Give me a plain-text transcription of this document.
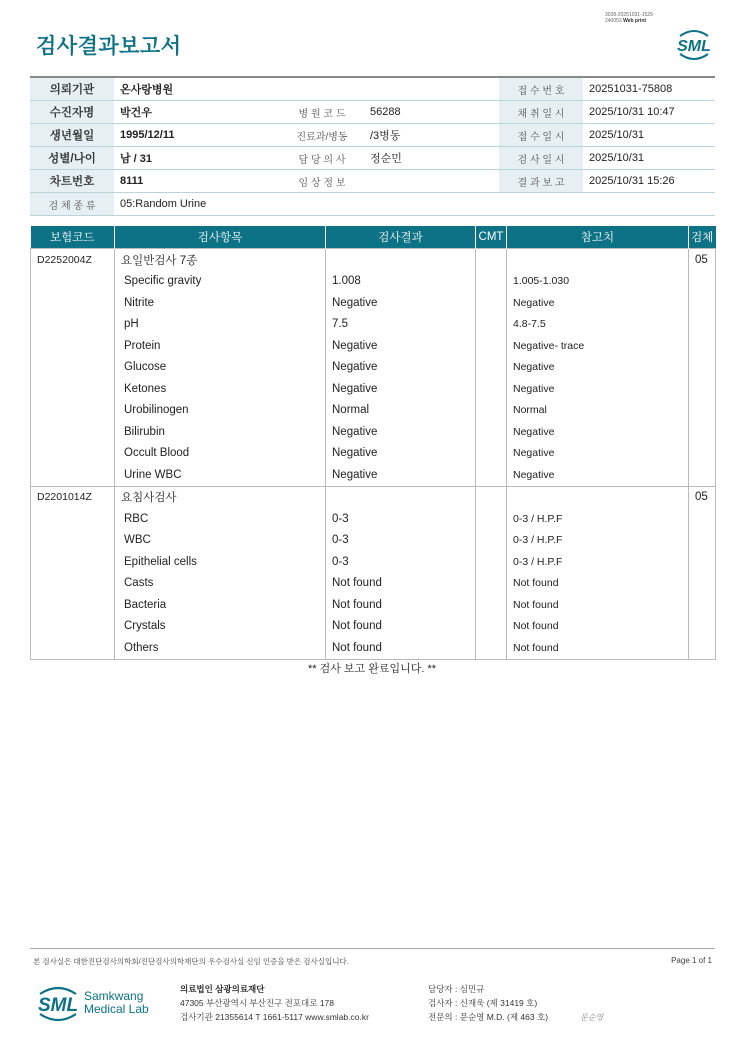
검사결과보고서
3038-20251031-1529
240053 Web print
SML
의뢰기관	온사랑병원			접 수 번 호	20251031-75808
수진자명	박건우	병 원 코 드	56288	채 취 일 시	2025/10/31 10:47
생년월일	1995/12/11	진료과/병동	/3병동	접 수 일 시	2025/10/31
성별/나이	남 / 31	담 당 의 사	정순민	검 사 일 시	2025/10/31
차트번호	8111	임 상 정 보		결 과 보 고	2025/10/31 15:26
검 체 종 류	05:Random Urine				
보험코드	검사항목	검사결과	CMT	참고치	검체
D2252004Z	요일반검사 7종				05
	Specific gravity	1.008		1.005-1.030	
	Nitrite	Negative		Negative	
	pH	7.5		4.8-7.5	
	Protein	Negative		Negative- trace	
	Glucose	Negative		Negative	
	Ketones	Negative		Negative	
	Urobilinogen	Normal		Normal	
	Bilirubin	Negative		Negative	
	Occult Blood	Negative		Negative	
	Urine WBC	Negative		Negative	
D2201014Z	요침사검사				05
	RBC	0-3		0-3 / H.P.F	
	WBC	0-3		0-3 / H.P.F	
	Epithelial cells	0-3		0-3 / H.P.F	
	Casts	Not found		Not found	
	Bacteria	Not found		Not found	
	Crystals	Not found		Not found	
	Others	Not found		Not found	
** 검사 보고 완료입니다. **
본 검사실은 대한진단검사의학회/진단검사의학재단의 우수검사실 신임 인증을 받은 검사실입니다.	Page 1 of 1
SML Samkwang
Medical Lab
의료법인 삼광의료재단
47305 부산광역시 부산진구 전포대로 178
검사기관 21355614 T 1661-5117 www.smlab.co.kr
담당자 : 심민규
검사자 : 신재욱 (제 31419 호)
전문의 : 문순영 M.D. (제 463 호)	문순영
